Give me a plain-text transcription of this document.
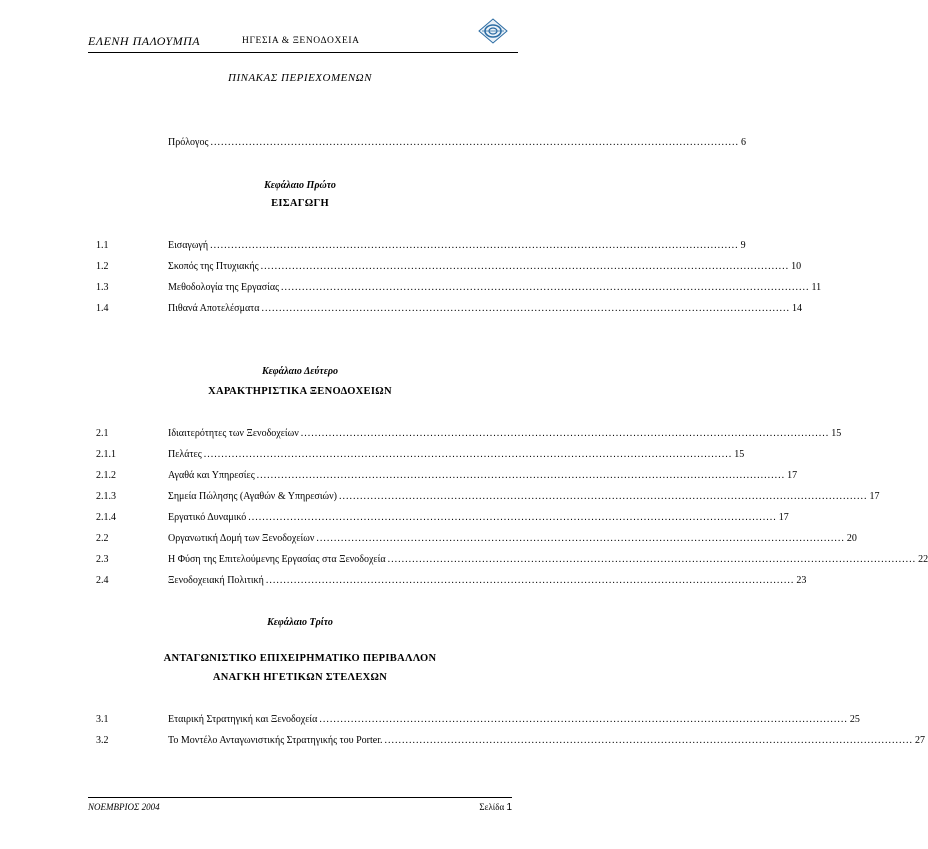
ΕΛΕΝΗ ΠΑΛΟΥΜΠΑ	ΗΓΕΣΙΑ & ΞΕΝΟΔΟΧΕΙΑ
ΠΙΝΑΚΑΣ ΠΕΡΙΕΧΟΜΕΝΩΝ
Πρόλογος ....................................................................................................................................................... 6
Κεφάλαιο Πρώτο
ΕΙΣΑΓΩΓΗ
1.1	Εισαγωγή ....................................................................................................................................................... 9
1.2	Σκοπός της Πτυχιακής ....................................................................................................................................................... 10
1.3	Μεθοδολογία της Εργασίας ....................................................................................................................................................... 11
1.4	Πιθανά Αποτελέσματα ....................................................................................................................................................... 14
Κεφάλαιο Δεύτερο
ΧΑΡΑΚΤΗΡΙΣΤΙΚΑ ΞΕΝΟΔΟΧΕΙΩΝ
2.1	Ιδιαιτερότητες των Ξενοδοχείων ....................................................................................................................................................... 15
2.1.1	Πελάτες ....................................................................................................................................................... 15
2.1.2	Αγαθά και Υπηρεσίες ....................................................................................................................................................... 17
2.1.3	Σημεία Πώλησης (Αγαθών & Υπηρεσιών) ....................................................................................................................................................... 17
2.1.4	Εργατικό Δυναμικό ....................................................................................................................................................... 17
2.2	Οργανωτική Δομή των Ξενοδοχείων ....................................................................................................................................................... 20
2.3	Η Φύση της Επιτελούμενης Εργασίας στα Ξενοδοχεία ....................................................................................................................................................... 22
2.4	Ξενοδοχειακή Πολιτική ....................................................................................................................................................... 23
Κεφάλαιο Τρίτο
ΑΝΤΑΓΩΝΙΣΤΙΚΟ ΕΠΙΧΕΙΡΗΜΑΤΙΚΟ ΠΕΡΙΒΑΛΛΟΝ
ΑΝΑΓΚΗ ΗΓΕΤΙΚΩΝ ΣΤΕΛΕΧΩΝ
3.1	Εταιρική Στρατηγική και Ξενοδοχεία ....................................................................................................................................................... 25
3.2	Το Μοντέλο Ανταγωνιστικής Στρατηγικής του Porter. ....................................................................................................................................................... 27
ΝΟΕΜΒΡΙΟΣ 2004	Σελίδα 1
